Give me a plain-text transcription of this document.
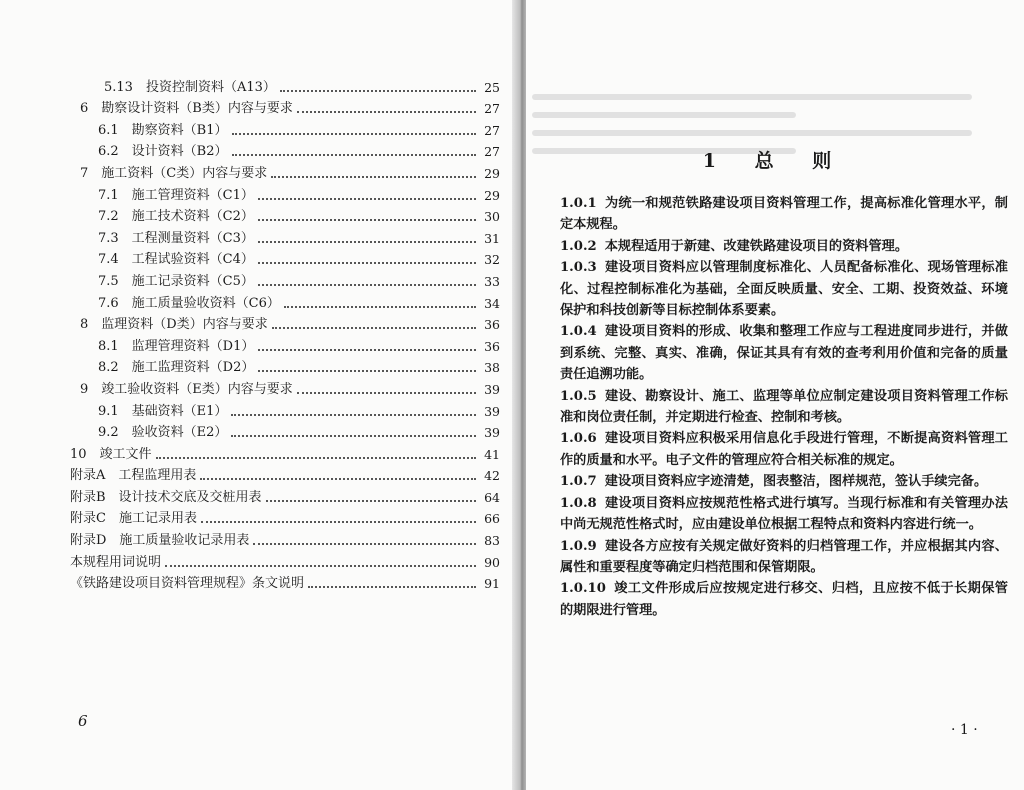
5.13　投资控制资料（A13）	25
6　勘察设计资料（B类）内容与要求	27
6.1　勘察资料（B1）	27
6.2　设计资料（B2）	27
7　施工资料（C类）内容与要求	29
7.1　施工管理资料（C1）	29
7.2　施工技术资料（C2）	30
7.3　工程测量资料（C3）	31
7.4　工程试验资料（C4）	32
7.5　施工记录资料（C5）	33
7.6　施工质量验收资料（C6）	34
8　监理资料（D类）内容与要求	36
8.1　监理管理资料（D1）	36
8.2　施工监理资料（D2）	38
9　竣工验收资料（E类）内容与要求	39
9.1　基础资料（E1）	39
9.2　验收资料（E2）	39
10　竣工文件	41
附录A　工程监理用表	42
附录B　设计技术交底及交桩用表	64
附录C　施工记录用表	66
附录D　施工质量验收记录用表	83
本规程用词说明	90
《铁路建设项目资料管理规程》条文说明	91
6
1 总 则
1.0.1 为统一和规范铁路建设项目资料管理工作，提高标准化管理水平，制定本规程。
1.0.2 本规程适用于新建、改建铁路建设项目的资料管理。
1.0.3 建设项目资料应以管理制度标准化、人员配备标准化、现场管理标准化、过程控制标准化为基础，全面反映质量、安全、工期、投资效益、环境保护和科技创新等目标控制体系要素。
1.0.4 建设项目资料的形成、收集和整理工作应与工程进度同步进行，并做到系统、完整、真实、准确，保证其具有有效的查考利用价值和完备的质量责任追溯功能。
1.0.5 建设、勘察设计、施工、监理等单位应制定建设项目资料管理工作标准和岗位责任制，并定期进行检查、控制和考核。
1.0.6 建设项目资料应积极采用信息化手段进行管理，不断提高资料管理工作的质量和水平。电子文件的管理应符合相关标准的规定。
1.0.7 建设项目资料应字迹清楚，图表整洁，图样规范，签认手续完备。
1.0.8 建设项目资料应按规范性格式进行填写。当现行标准和有关管理办法中尚无规范性格式时，应由建设单位根据工程特点和资料内容进行统一。
1.0.9 建设各方应按有关规定做好资料的归档管理工作，并应根据其内容、属性和重要程度等确定归档范围和保管期限。
1.0.10 竣工文件形成后应按规定进行移交、归档，且应按不低于长期保管的期限进行管理。
· 1 ·
